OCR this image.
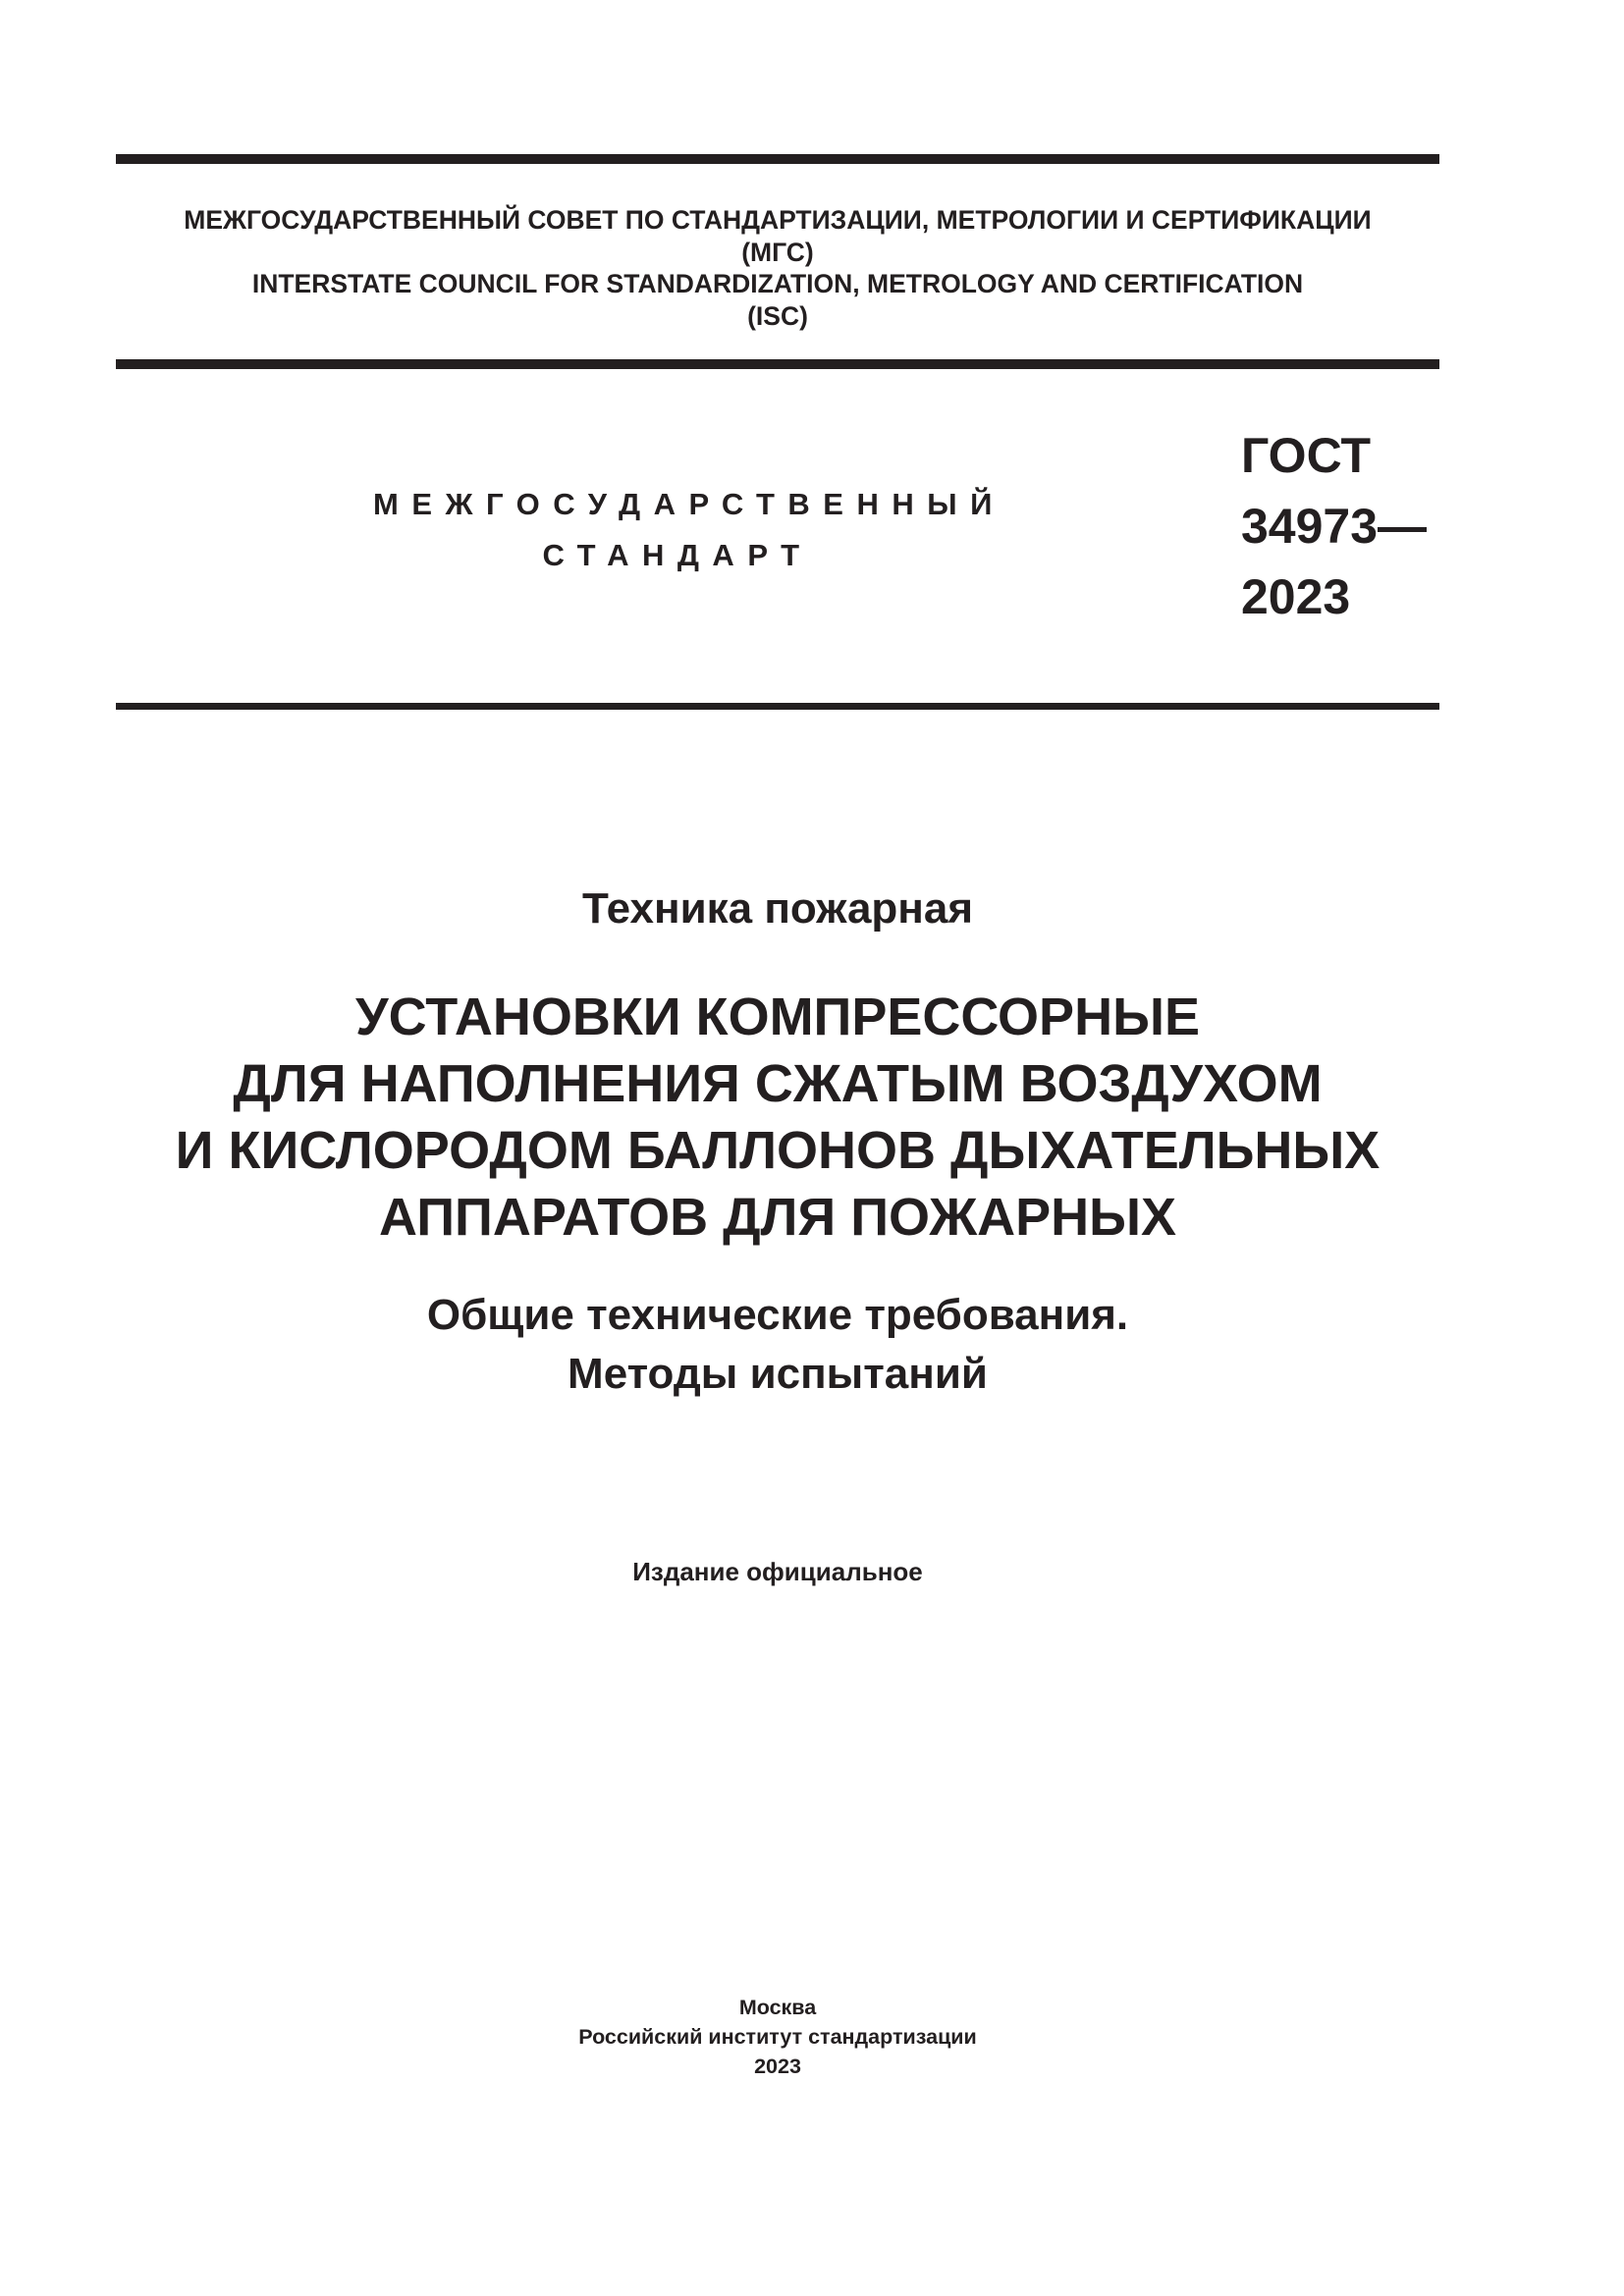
МЕЖГОСУДАРСТВЕННЫЙ СОВЕТ ПО СТАНДАРТИЗАЦИИ, МЕТРОЛОГИИ И СЕРТИФИКАЦИИ
(МГС)
INTERSTATE COUNCIL FOR STANDARDIZATION, METROLOGY AND CERTIFICATION
(ISC)
МЕЖГОСУДАРСТВЕННЫЙ
СТАНДАРТ
ГОСТ
34973—
2023
Техника пожарная
УСТАНОВКИ КОМПРЕССОРНЫЕ
ДЛЯ НАПОЛНЕНИЯ СЖАТЫМ ВОЗДУХОМ
И КИСЛОРОДОМ БАЛЛОНОВ ДЫХАТЕЛЬНЫХ
АППАРАТОВ ДЛЯ ПОЖАРНЫХ
Общие технические требования.
Методы испытаний
Издание официальное
Москва
Российский институт стандартизации
2023
